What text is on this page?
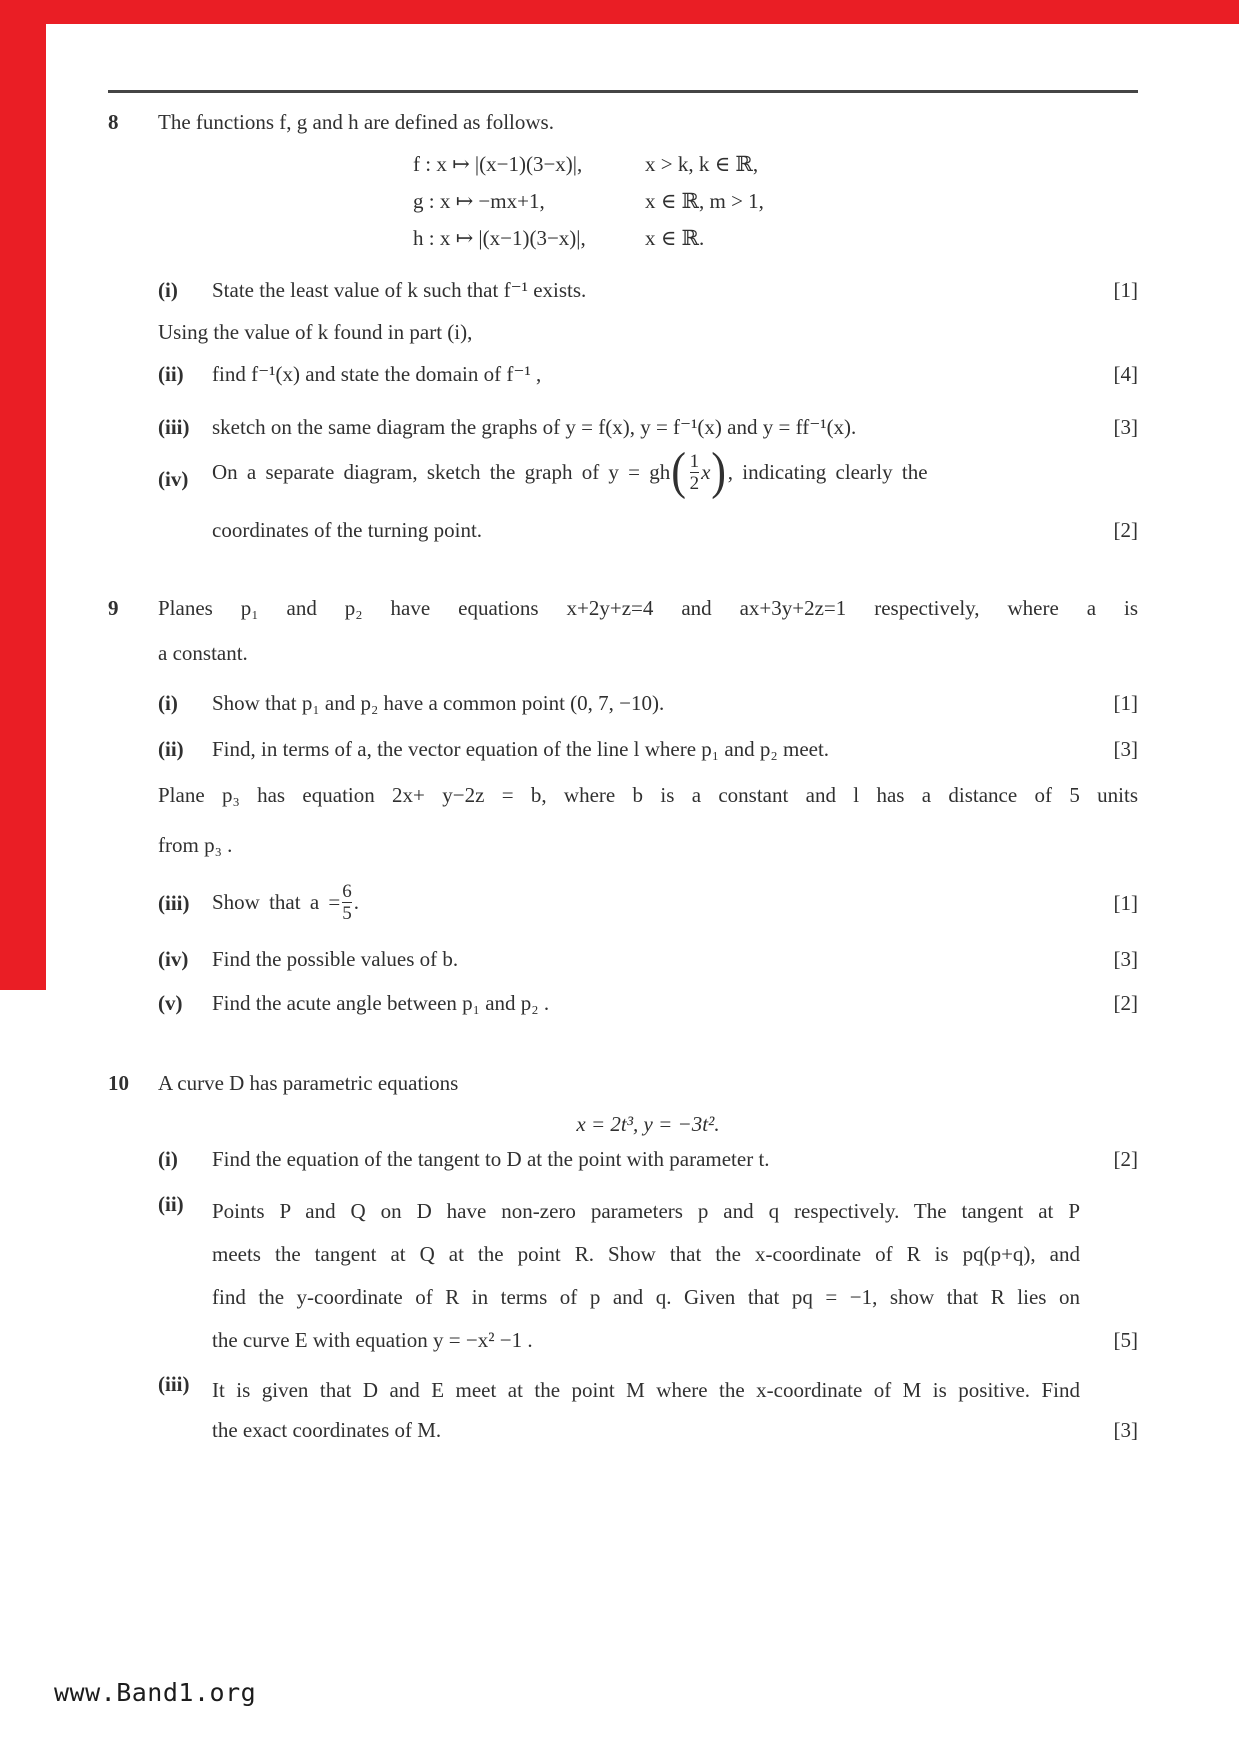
8	The functions f, g and h are defined as follows.
f : x ↦ |(x−1)(3−x)|,	x > k, k ∈ ℝ,
g : x ↦ −mx+1,	x ∈ ℝ, m > 1,
h : x ↦ |(x−1)(3−x)|,	x ∈ ℝ.
(i)	State the least value of k such that f⁻¹ exists.	[1]
Using the value of k found in part (i),
(ii)	find f⁻¹(x) and state the domain of f⁻¹ ,	[4]
(iii)	sketch on the same diagram the graphs of y = f(x), y = f⁻¹(x) and y = ff⁻¹(x).	[3]
(iv)	On a separate diagram, sketch the graph of y = gh ( $\frac{1}{2}$ x ) , indicating clearly the
coordinates of the turning point.	[2]
9	Planes p₁ and p₂ have equations x+2y+z=4 and ax+3y+2z=1 respectively, where a is
a constant.
(i)	Show that p₁ and p₂ have a common point (0, 7, −10).	[1]
(ii)	Find, in terms of a, the vector equation of the line l where p₁ and p₂ meet.	[3]
Plane p₃ has equation 2x+ y−2z = b, where b is a constant and l has a distance of 5 units
from p₃ .
(iii)	Show that $a = \frac{6}{5}$ .	[1]
(iv)	Find the possible values of b.	[3]
(v)	Find the acute angle between p₁ and p₂ .	[2]
10	A curve D has parametric equations
x = 2t³, y = −3t².
(i)	Find the equation of the tangent to D at the point with parameter t.	[2]
(ii)	Points P and Q on D have non-zero parameters p and q respectively. The tangent at P
meets the tangent at Q at the point R. Show that the x-coordinate of R is pq(p+q), and
find the y-coordinate of R in terms of p and q. Given that pq = −1, show that R lies on
the curve E with equation y = −x² −1 .	[5]
(iii)	It is given that D and E meet at the point M where the x-coordinate of M is positive. Find
the exact coordinates of M.	[3]
www.Band1.org
